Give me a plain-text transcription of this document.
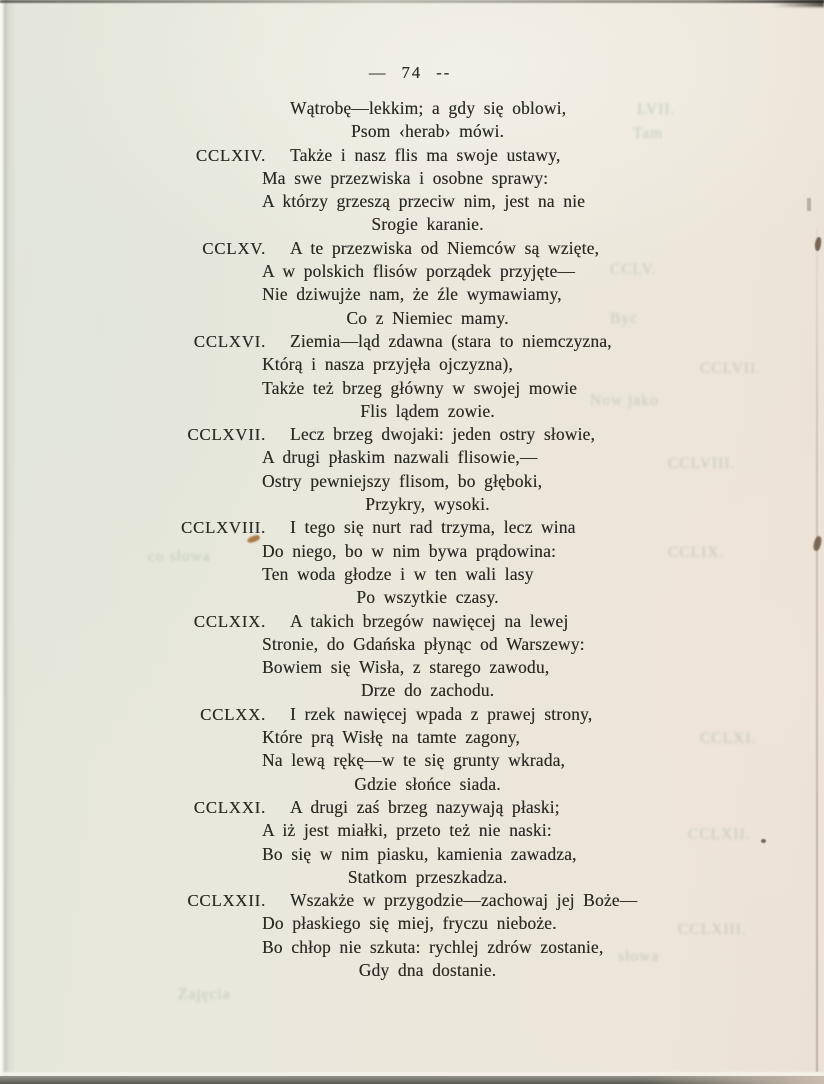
LVII.
Tam
CCLV.
Byc
CCLVII.
Now jako
CCLVIII.
CCLIX.
co słowa
CCLXI.
CCLXII.
CCLXIII.
słowa
Zajęcia
— 74 --
Wątrobę—lekkim; a gdy się oblowi,
Psom ‹herab› mówi.
CCLXIV. Także i nasz flis ma swoje ustawy,
Ma swe przezwiska i osobne sprawy:
A którzy grzeszą przeciw nim, jest na nie
Srogie karanie.
CCLXV. A te przezwiska od Niemców są wzięte,
A w polskich flisów porządek przyjęte—
Nie dziwujże nam, że źle wymawiamy,
Co z Niemiec mamy.
CCLXVI. Ziemia—ląd zdawna (stara to niemczyzna,
Którą i nasza przyjęła ojczyzna),
Także też brzeg główny w swojej mowie
Flis lądem zowie.
CCLXVII. Lecz brzeg dwojaki: jeden ostry słowie,
A drugi płaskim nazwali flisowie,—
Ostry pewniejszy flisom, bo głęboki,
Przykry, wysoki.
CCLXVIII. I tego się nurt rad trzyma, lecz wina
Do niego, bo w nim bywa prądowina:
Ten woda głodze i w ten wali lasy
Po wszytkie czasy.
CCLXIX. A takich brzegów nawięcej na lewej
Stronie, do Gdańska płynąc od Warszewy:
Bowiem się Wisła, z starego zawodu,
Drze do zachodu.
CCLXX. I rzek nawięcej wpada z prawej strony,
Które prą Wisłę na tamte zagony,
Na lewą rękę—w te się grunty wkrada,
Gdzie słońce siada.
CCLXXI. A drugi zaś brzeg nazywają płaski;
A iż jest miałki, przeto też nie naski:
Bo się w nim piasku, kamienia zawadza,
Statkom przeszkadza.
CCLXXII. Wszakże w przygodzie—zachowaj jej Boże—
Do płaskiego się miej, fryczu nieboże.
Bo chłop nie szkuta: rychlej zdrów zostanie,
Gdy dna dostanie.
